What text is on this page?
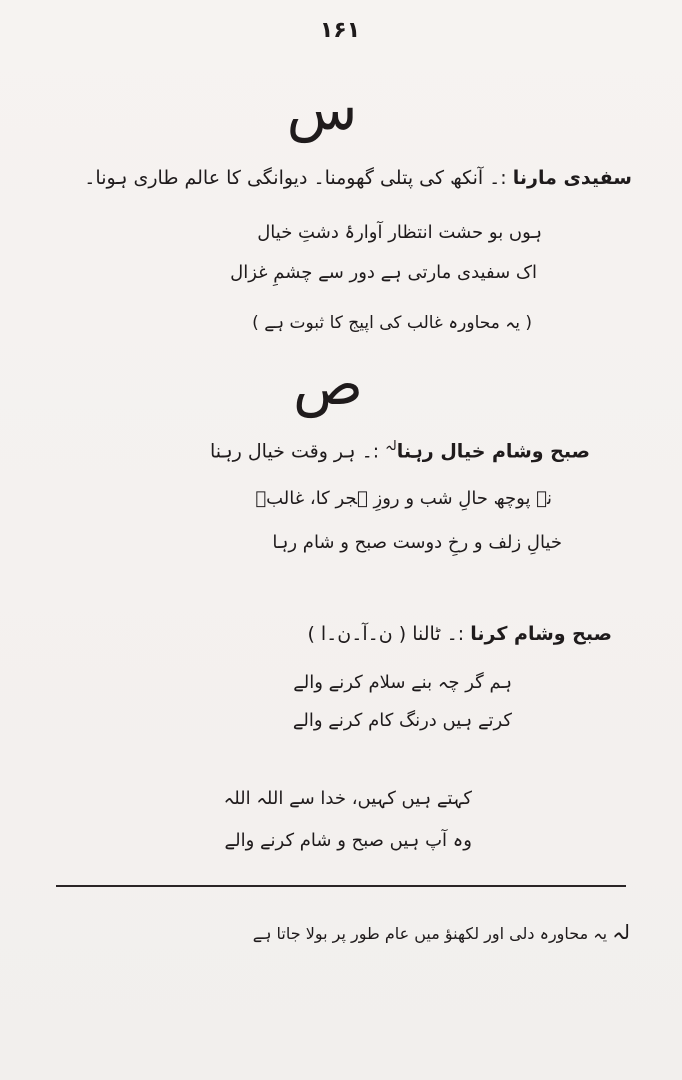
۱۶۱
س
سفیدی مارنا :۔ آنکھ کی پتلی گھومنا۔ دیوانگی کا عالم طاری ہونا۔
ہوں بو حشت انتظار آوارۂ دشتِ خیال
اک سفیدی مارتی ہے دور سے چشمِ غزال
( یہ محاورہ غالب کی اپیج کا ثبوت ہے )
ص
صبح وشام خیال رہنا$^{لہ}$ :۔ ہر وقت خیال رہنا
نہ پوچھ حالِ شب و روزِ ہجر کا، غالبؔ
خیالِ زلف و رخِ دوست صبح و شام رہا
صبح وشام کرنا :۔ ٹالنا ( ن۔آ۔ن۔ا )
ہم گر چہ بنے سلام کرنے والے
کرتے ہیں درنگ کام کرنے والے
کہتے ہیں کہیں، خدا سے اللہ اللہ
وہ آپ ہیں صبح و شام کرنے والے
لہ یہ محاورہ دلی اور لکھنؤ میں عام طور پر بولا جاتا ہے
